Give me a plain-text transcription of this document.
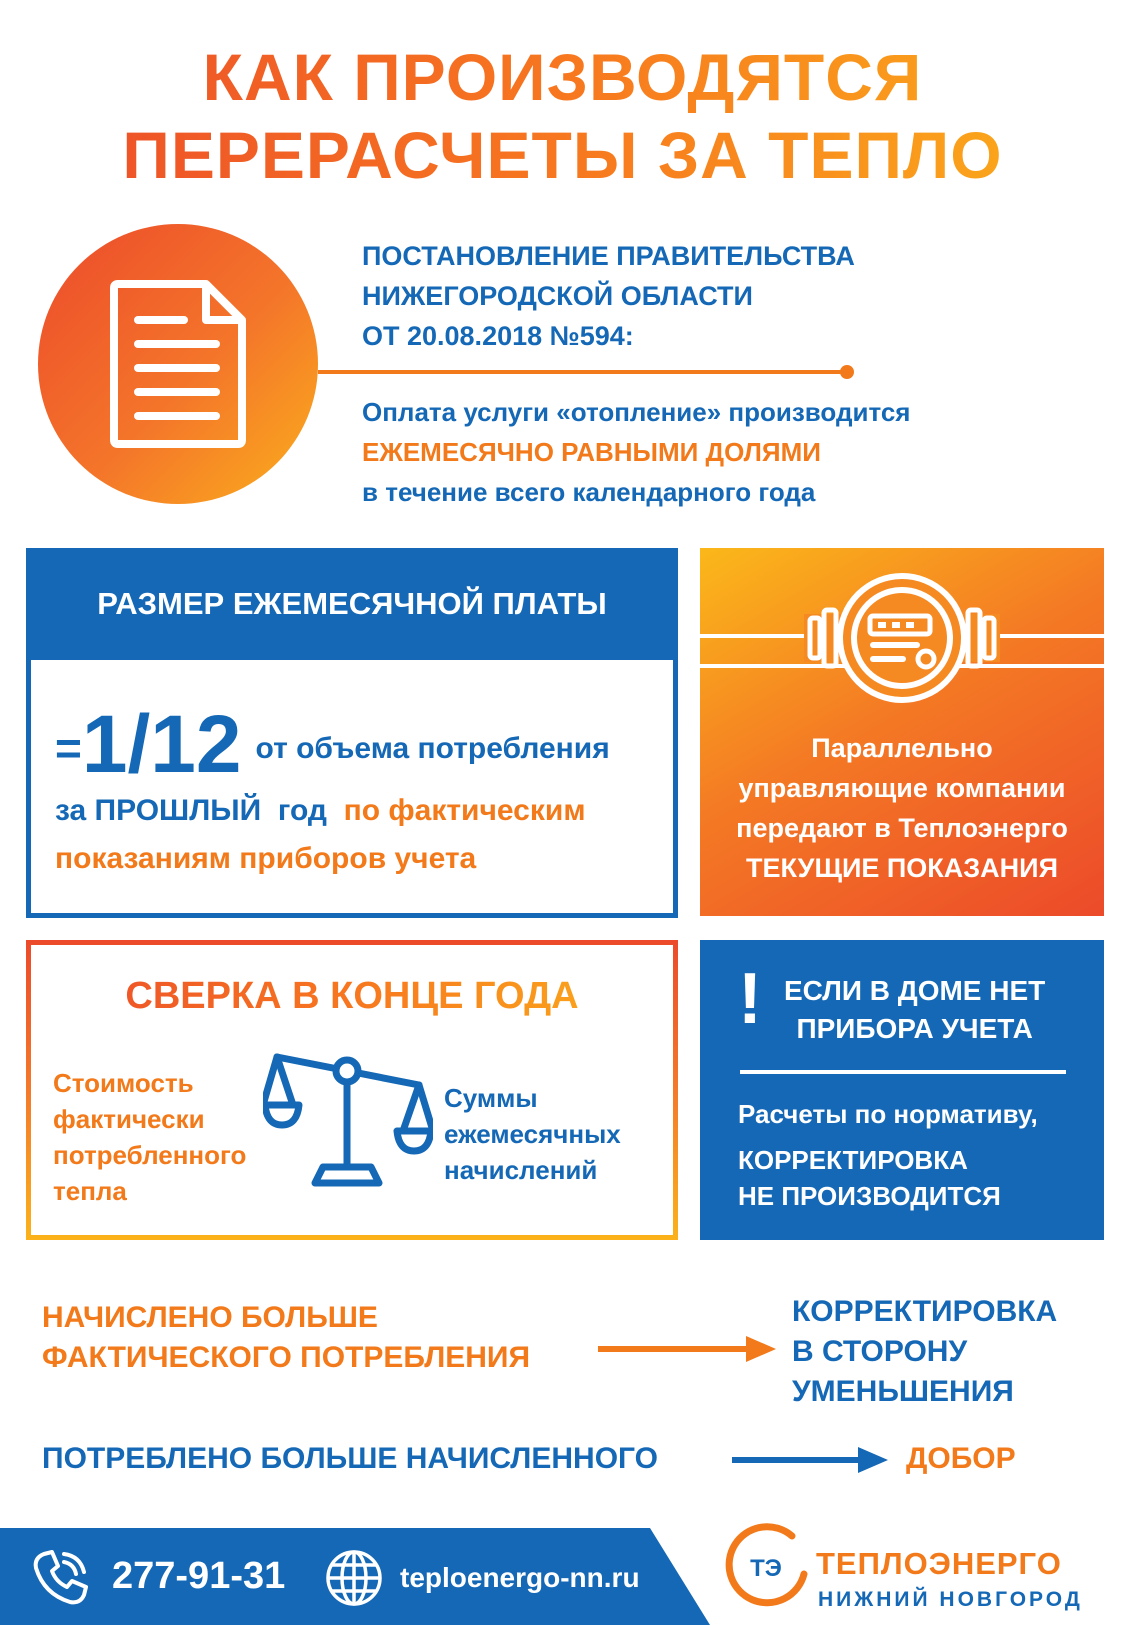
КАК ПРОИЗВОДЯТСЯ
ПЕРЕРАСЧЕТЫ ЗА ТЕПЛО
ПОСТАНОВЛЕНИЕ ПРАВИТЕЛЬСТВА
НИЖЕГОРОДСКОЙ ОБЛАСТИ
ОТ 20.08.2018 №594:
Оплата услуги «отопление» производится
ЕЖЕМЕСЯЧНО РАВНЫМИ ДОЛЯМИ
в течение всего календарного года
РАЗМЕР ЕЖЕМЕСЯЧНОЙ ПЛАТЫ
=1/12 от объема потребления
за ПРОШЛЫЙ  год  по фактическим
показаниям приборов учета
Параллельно
управляющие компании
передают в Теплоэнерго
ТЕКУЩИЕ ПОКАЗАНИЯ
СВЕРКА В КОНЦЕ ГОДА
Стоимость
фактически
потребленного
тепла
Суммы
ежемесячных
начислений
! ЕСЛИ В ДОМЕ НЕТ
ПРИБОРА УЧЕТА
Расчеты по нормативу,
КОРРЕКТИРОВКА
НЕ ПРОИЗВОДИТСЯ
НАЧИСЛЕНО БОЛЬШЕ
ФАКТИЧЕСКОГО ПОТРЕБЛЕНИЯ
КОРРЕКТИРОВКА
В СТОРОНУ
УМЕНЬШЕНИЯ
ПОТРЕБЛЕНО БОЛЬШЕ НАЧИСЛЕННОГО	ДОБОР
277-91-31	teploenergo-nn.ru	ТЭ ТЕПЛОЭНЕРГО
НИЖНИЙ НОВГОРОД
